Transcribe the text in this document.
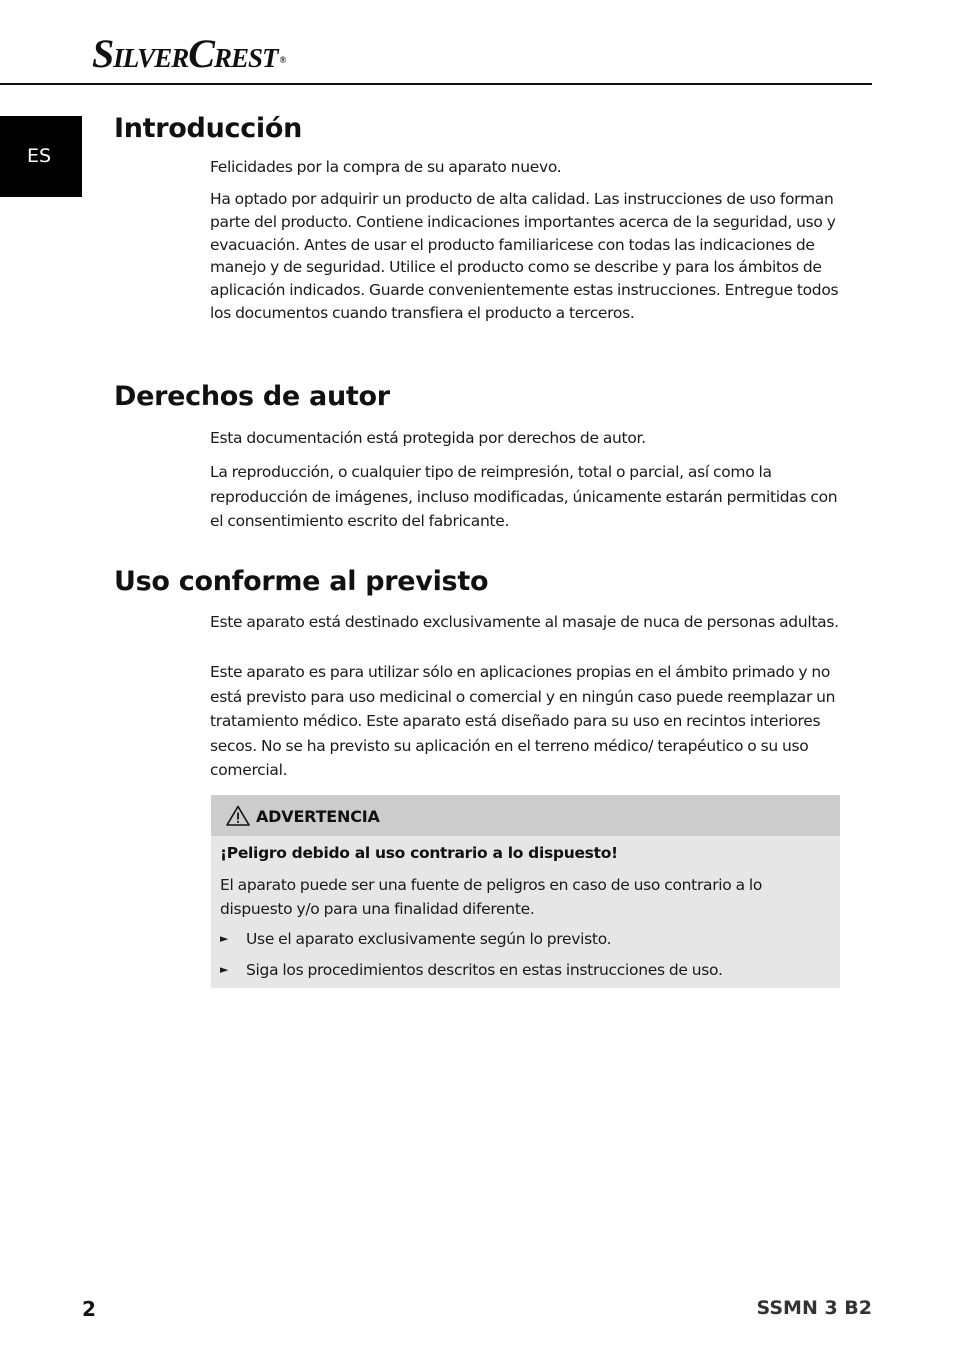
SILVERCREST ®
ES
Introducción

Felicidades por la compra de su aparato nuevo.

Ha optado por adquirir un producto de alta calidad. Las instrucciones de uso forman parte del producto. Contiene indicaciones importantes acerca de la seguridad, uso y evacuación. Antes de usar el producto familiaricese con todas las indicaciones de manejo y de seguridad. Utilice el producto como se describe y para los ámbitos de aplicación indicados. Guarde convenientemente estas instrucciones. Entregue todos los documentos cuando transfiera el producto a terceros.

Derechos de autor

Esta documentación está protegida por derechos de autor.

La reproducción, o cualquier tipo de reimpresión, total o parcial, así como la reproducción de imágenes, incluso modificadas, únicamente estarán permitidas con el consentimiento escrito del fabricante.

Uso conforme al previsto

Este aparato está destinado exclusivamente al masaje de nuca de personas adultas.

Este aparato es para utilizar sólo en aplicaciones propias en el ámbito primado y no está previsto para uso medicinal o comercial y en ningún caso puede reemplazar un tratamiento médico. Este aparato está diseñado para su uso en recintos interiores secos. No se ha previsto su aplicación en el terreno médico/ terapéutico o su uso comercial.

ADVERTENCIA
¡Peligro debido al uso contrario a lo dispuesto!

El aparato puede ser una fuente de peligros en caso de uso contrario a lo dispuesto y/o para una finalidad diferente.

► Use el aparato exclusivamente según lo previsto.
► Siga los procedimientos descritos en estas instrucciones de uso.
2	SSMN 3 B2
